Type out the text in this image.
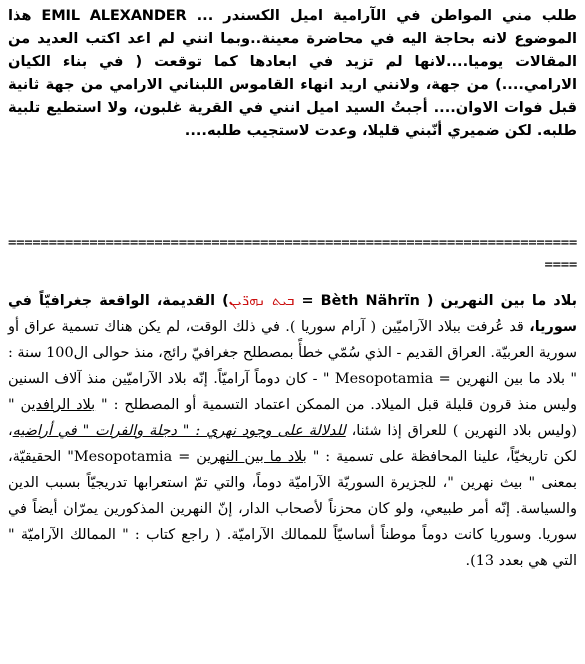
طلب مني المواطن في الآرامية اميل الكسندر ... EMIL ALEXANDER هذا الموضوع لانه بحاجة اليه في محاضرة معينة..وبما انني لم اعد اكتب العديد من المقالات يوميا....لانها لم تزيد في ابعادها كما توقعت ( في بناء الكيان الارامي....) من جهة، ولانني اريد انهاء القاموس اللبناني الارامي من جهة ثانية قبل فوات الاوان.... أجبتُ السيد اميل انني في القرية غلبون، ولا استطيع تلبية طلبه. لكن ضميري أنّبني قليلا، وعدت لاستجيب طلبه....
==========================================================================
بلاد ما بين النهرين ( Bèth Nährïn = ܒܝܬ ܢܗܪ̈ܝܢ) القديمة، الواقعة جغرافيّاً في سوريا، قد عُرفت ببلاد الآراميّين ( آرام سوريا ). في ذلك الوقت، لم يكن هناك تسمية عراق أو سورية العربيّة. العراق القديم - الذي سُمّي خطأً بمصطلح جغرافيّ رائج، منذ حوالى ال100 سنة : " بلاد ما بين النهرين = Mesopotamia " - كان دوماً آراميّاً. إنّه بلاد الآراميّين منذ آلاف السنين وليس منذ قرون قليلة قبل الميلاد. من الممكن اعتماد التسمية أو المصطلح : " بلاد الرافدين " (وليس بلاد النهرين ) للعراق إذا شئنا، للدلالة على وجود نهري : " دجلة والفرات " في أراضيه، لكن تاريخيّاً، علينا المحافظة على تسمية : " بلاد ما بين النهرين = Mesopotamia" الحقيقيّة، بمعنى " بيث نهرين "، للجزيرة السوريّة الآراميّة دوماً، والتي تمّ استعرابها تدريجيّاً بسبب الدين والسياسة. إنّه أمر طبيعي، ولو كان محزناً لأصحاب الدار، إنّ النهرين المذكورين يمرّان أيضاً في سوريا. وسوريا كانت دوماً موطناً أساسيّاً للممالك الآراميّة. ( راجع كتاب : " الممالك الآراميّة " التي هي بعدد 13).
